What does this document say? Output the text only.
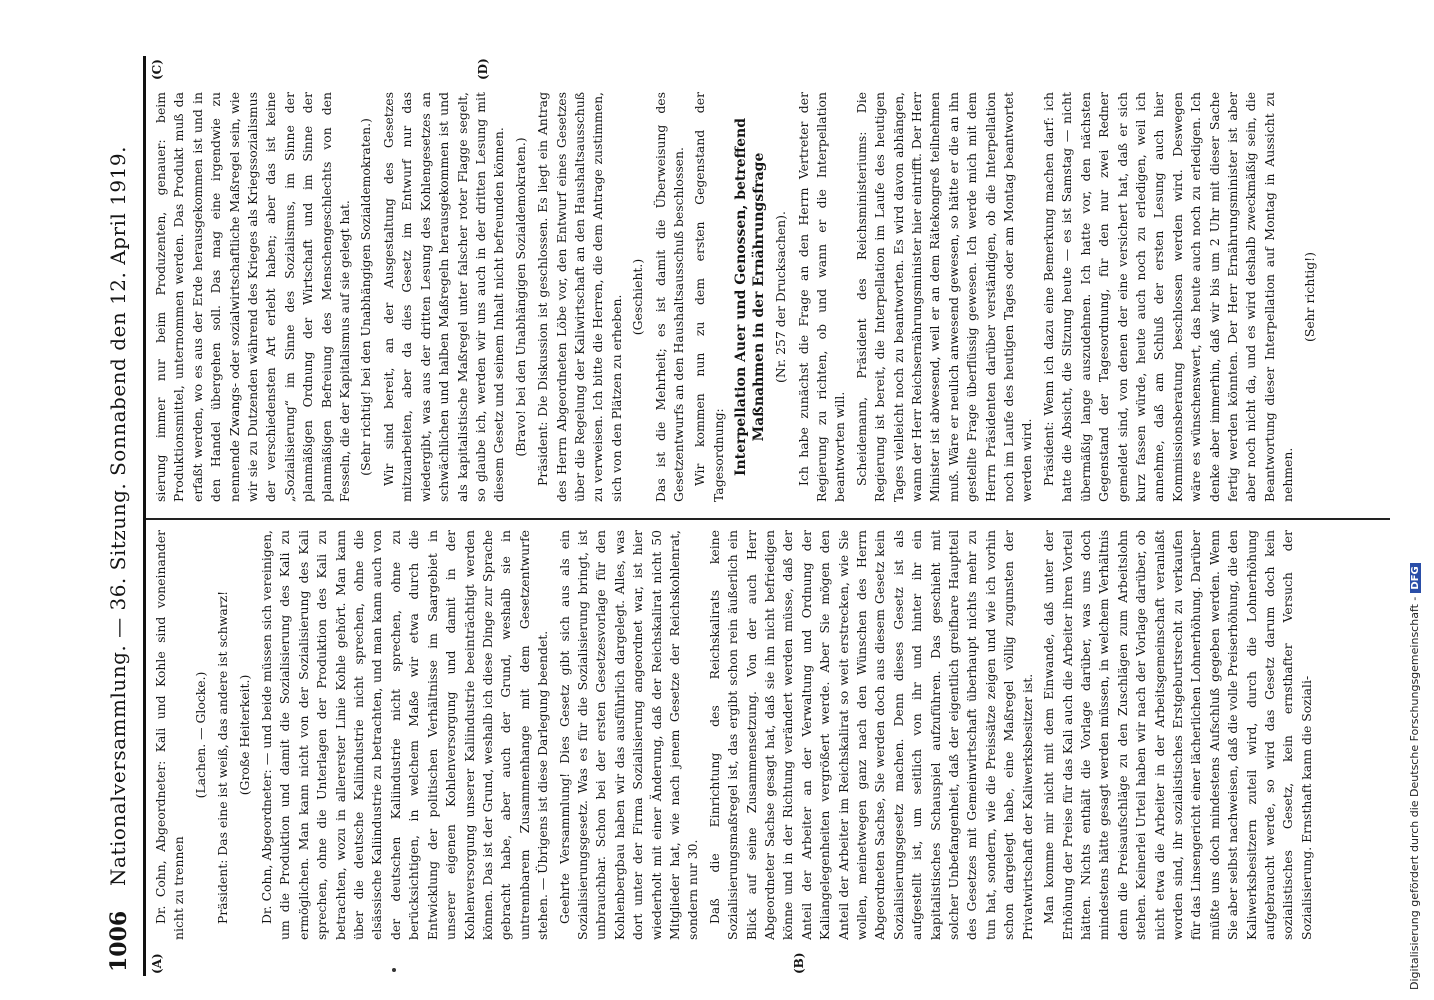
1006
Nationalversammlung. — 36. Sitzung. Sonnabend den 12. April 1919.
(A)	(B)
(C)	(D)

Dr. Cohn, Abgeordneter: Kali und Kohle sind voneinander nicht zu trennen

(Lachen. — Glocke.) Präsident: Das eine ist weiß, das andere ist schwarz! (Große Heiterkeit.) Dr. Cohn, Abgeordneter: — und beide müssen sich vereinigen, um die Produktion und damit die Sozialisierung des Kali zu ermöglichen. Man kann nicht von der Sozialisierung des Kali sprechen, ohne die Unterlagen der Produktion des Kali zu betrachten, wozu in allererster Linie Kohle gehört. Man kann über die deutsche Kaliindustrie nicht sprechen, ohne die elsässische Kaliindustrie zu betrachten, und man kann auch von der deutschen Kaliindustrie nicht sprechen, ohne zu berücksichtigen, in welchem Maße wir etwa durch die Entwicklung der politischen Verhältnisse im Saargebiet in unserer eigenen Kohlenversorgung und damit in der Kohlenversorgung unserer Kaliindustrie beeinträchtigt werden können. Das ist der Grund, weshalb ich diese Dinge zur Sprache gebracht habe, aber auch der Grund, weshalb sie in untrennbarem Zusammenhange mit dem Gesetzentwurfe stehen. — Übrigens ist diese Darlegung beendet. Geehrte Versammlung! Dies Gesetz gibt sich aus als ein Sozialisierungsgesetz. Was es für die Sozialisierung bringt, ist unbrauchbar. Schon bei der ersten Gesetzesvorlage für den Kohlenbergbau haben wir das ausführlich dargelegt. Alles, was dort unter der Firma Sozialisierung angeordnet war, ist hier wiederholt mit einer Änderung, daß der Reichskalirat nicht 50 Mitglieder hat, wie nach jenem Gesetze der Reichskohlenrat, sondern nur 30. Daß die Einrichtung des Reichskalirats keine Sozialisierungsmaßregel ist, das ergibt schon rein äußerlich ein Blick auf seine Zusammensetzung. Von der auch Herr Abgeordneter Sachse gesagt hat, daß sie ihn nicht befriedigen könne und in der Richtung verändert werden müsse, daß der Anteil der Arbeiter an der Verwaltung und Ordnung der Kaliangelegenheiten vergrößert werde. Aber Sie mögen den Anteil der Arbeiter im Reichskalirat so weit erstrecken, wie Sie wollen, meinetwegen ganz nach den Wünschen des Herrn Abgeordneten Sachse, Sie werden doch aus diesem Gesetz kein Sozialisierungsgesetz machen. Denn dieses Gesetz ist als aufgestellt ist, um seitlich von ihr und hinter ihr ein kapitalistisches Schauspiel aufzuführen. Das geschieht mit solcher Unbefangenheit, daß der eigentlich greifbare Hauptteil des Gesetzes mit Gemeinwirtschaft überhaupt nichts mehr zu tun hat, sondern, wie die Preissätze zeigen und wie ich vorhin schon dargelegt habe, eine Maßregel völlig zugunsten der Privatwirtschaft der Kaliwerksbesitzer ist. Man komme mir nicht mit dem Einwande, daß unter der Erhöhung der Preise für das Kali auch die Arbeiter ihren Vorteil hätten. Nichts enthält die Vorlage darüber, was uns doch mindestens hätte gesagt werden müssen, in welchem Verhältnis denn die Preisaufschläge zu den Zuschlägen zum Arbeitslohn stehen. Keinerlei Urteil haben wir nach der Vorlage darüber, ob nicht etwa die Arbeiter in der Arbeitsgemeinschaft veranlaßt worden sind, ihr sozialistisches Erstgeburtsrecht zu verkaufen für das Linsengericht einer lächerlichen Lohnerhöhung. Darüber müßte uns doch mindestens Aufschluß gegeben werden. Wenn Sie aber selbst nachweisen, daß die volle Preiserhöhung, die den Kaliwerksbesitzern zuteil wird, durch die Lohnerhöhung aufgebraucht werde, so wird das Gesetz darum doch kein sozialistisches Gesetz, kein ernsthafter Versuch der Sozialisierung. Ernsthaft kann die Soziali-

sierung immer nur beim Produzenten, genauer: beim Produktionsmittel, unternommen werden. Das Produkt muß da erfaßt werden, wo es aus der Erde herausgekommen ist und in den Handel übergehen soll. Das mag eine irgendwie zu nennende Zwangs- oder sozialwirtschaftliche Maßregel sein, wie wir sie zu Dutzenden während des Krieges als Kriegssozialismus der verschiedensten Art erlebt haben; aber das ist keine „Sozialisierung“ im Sinne des Sozialismus, im Sinne der planmäßigen Ordnung der Wirtschaft und im Sinne der planmäßigen Befreiung des Menschengeschlechts von den Fesseln, die der Kapitalismus auf sie gelegt hat. (Sehr richtig! bei den Unabhängigen Sozialdemokraten.) Wir sind bereit, an der Ausgestaltung des Gesetzes mitzuarbeiten, aber da dies Gesetz im Entwurf nur das wiedergibt, was aus der dritten Lesung des Kohlengesetzes an schwächlichen und halben Maßregeln herausgekommen ist und als kapitalistische Maßregel unter falscher roter Flagge segelt, so glaube ich, werden wir uns auch in der dritten Lesung mit diesem Gesetz und seinem Inhalt nicht befreunden können. (Bravo! bei den Unabhängigen Sozialdemokraten.) Präsident: Die Diskussion ist geschlossen. Es liegt ein Antrag des Herrn Abgeordneten Löbe vor, den Entwurf eines Gesetzes über die Regelung der Kaliwirtschaft an den Haushaltsausschuß zu verweisen. Ich bitte die Herren, die dem Antrage zustimmen, sich von den Plätzen zu erheben. (Geschieht.) Das ist die Mehrheit; es ist damit die Überweisung des Gesetzentwurfs an den Haushaltsausschuß beschlossen. Wir kommen nun zu dem ersten Gegenstand der Tagesordnung: Interpellation Auer und Genossen, betreffend Maßnahmen in der Ernährungsfrage (Nr. 257 der Drucksachen). Ich habe zunächst die Frage an den Herrn Vertreter der Regierung zu richten, ob und wann er die Interpellation beantworten will. Scheidemann, Präsident des Reichsministeriums: Die Regierung ist bereit, die Interpellation im Laufe des heutigen Tages vielleicht noch zu beantworten. Es wird davon abhängen, wann der Herr Reichsernährungsminister hier eintrifft. Der Herr Minister ist abwesend, weil er an dem Rätekongreß teilnehmen muß. Wäre er neulich anwesend gewesen, so hätte er die an ihn gestellte Frage überflüssig gewesen. Ich werde mich mit dem Herrn Präsidenten darüber verständigen, ob die Interpellation noch im Laufe des heutigen Tages oder am Montag beantwortet werden wird. Präsident: Wenn ich dazu eine Bemerkung machen darf: ich hatte die Absicht, die Sitzung heute — es ist Samstag — nicht übermäßig lange auszudehnen. Ich hatte vor, den nächsten Gegenstand der Tagesordnung, für den nur zwei Redner gemeldet sind, von denen der eine versichert hat, daß er sich kurz fassen würde, heute auch noch zu erledigen, weil ich annehme, daß am Schluß der ersten Lesung auch hier Kommissionsberatung beschlossen werden wird. Deswegen wäre es wünschenswert, das heute auch noch zu erledigen. Ich denke aber immerhin, daß wir bis um 2 Uhr mit dieser Sache fertig werden könnten. Der Herr Ernährungsminister ist aber aber noch nicht da, und es wird deshalb zweckmäßig sein, die Beantwortung dieser Interpellation auf Montag in Aussicht zu nehmen.

(Sehr richtig!)

Digitalisierung gefördert durch die Deutsche Forschungsgemeinschaft -DFG
